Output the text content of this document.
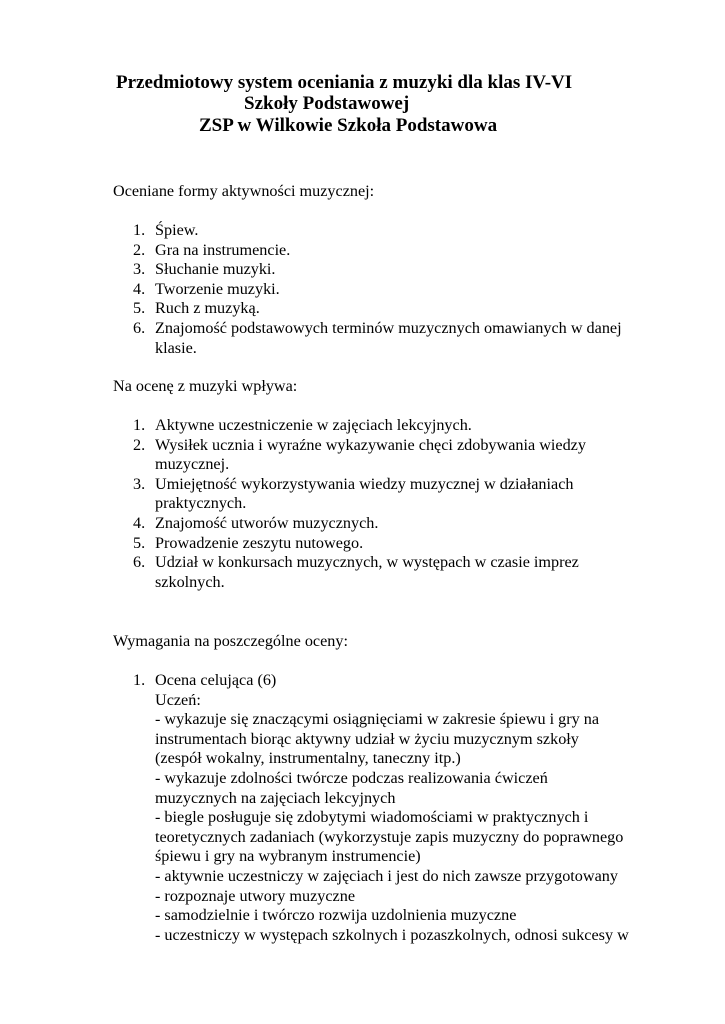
Przedmiotowy system oceniania z muzyki dla klas IV-VI
Szkoły Podstawowej
ZSP w Wilkowie Szkoła Podstawowa
Oceniane formy aktywności muzycznej:
1. Śpiew.
2. Gra na instrumencie.
3. Słuchanie muzyki.
4. Tworzenie muzyki.
5. Ruch z muzyką.
6. Znajomość podstawowych terminów muzycznych omawianych w danej
klasie.
Na ocenę z muzyki wpływa:
1. Aktywne uczestniczenie w zajęciach lekcyjnych.
2. Wysiłek ucznia i wyraźne wykazywanie chęci zdobywania wiedzy
muzycznej.
3. Umiejętność wykorzystywania wiedzy muzycznej w działaniach
praktycznych.
4. Znajomość utworów muzycznych.
5. Prowadzenie zeszytu nutowego.
6. Udział w konkursach muzycznych, w występach w czasie imprez
szkolnych.
Wymagania na poszczególne oceny:
1. Ocena celująca (6)
Uczeń:
- wykazuje się znaczącymi osiągnięciami w zakresie śpiewu i gry na
instrumentach biorąc aktywny udział w życiu muzycznym szkoły
(zespół wokalny, instrumentalny, taneczny itp.)
- wykazuje zdolności twórcze podczas realizowania ćwiczeń
muzycznych na zajęciach lekcyjnych
- biegle posługuje się zdobytymi wiadomościami w praktycznych i
teoretycznych zadaniach (wykorzystuje zapis muzyczny do poprawnego
śpiewu i gry na wybranym instrumencie)
- aktywnie uczestniczy w zajęciach i jest do nich zawsze przygotowany
- rozpoznaje utwory muzyczne
- samodzielnie i twórczo rozwija uzdolnienia muzyczne
- uczestniczy w występach szkolnych i pozaszkolnych, odnosi sukcesy w
